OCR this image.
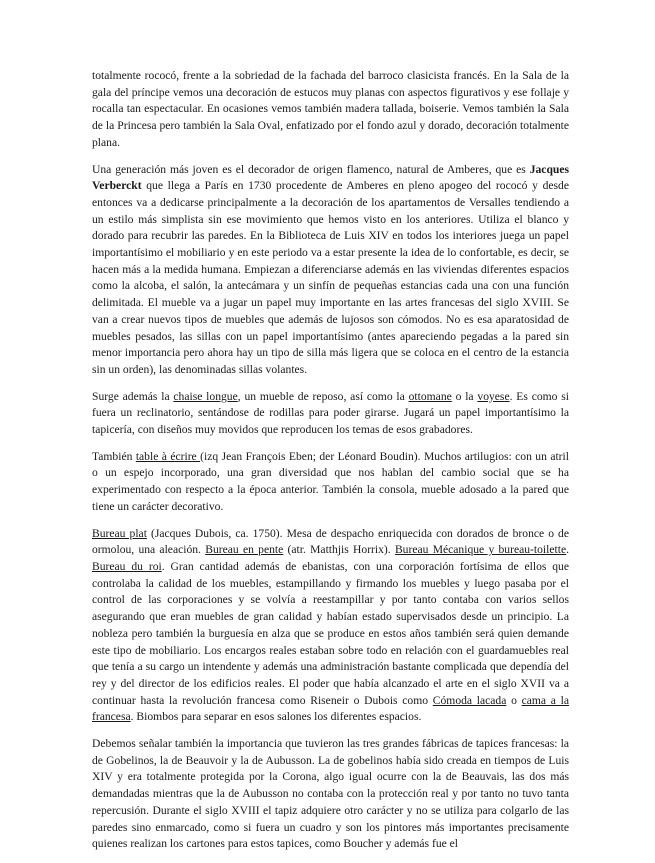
totalmente rococó, frente a la sobriedad de la fachada del barroco clasicista francés. En la Sala de la gala del príncipe vemos una decoración de estucos muy planas con aspectos figurativos y ese follaje y rocalla tan espectacular. En ocasiones vemos también madera tallada, boiserie. Vemos también la Sala de la Princesa pero también la Sala Oval, enfatizado por el fondo azul y dorado, decoración totalmente plana.

Una generación más joven es el decorador de origen flamenco, natural de Amberes, que es Jacques Verberckt que llega a París en 1730 procedente de Amberes en pleno apogeo del rococó y desde entonces va a dedicarse principalmente a la decoración de los apartamentos de Versalles tendiendo a un estilo más simplista sin ese movimiento que hemos visto en los anteriores. Utiliza el blanco y dorado para recubrir las paredes. En la Biblioteca de Luis XIV en todos los interiores juega un papel importantísimo el mobiliario y en este periodo va a estar presente la idea de lo confortable, es decir, se hacen más a la medida humana. Empiezan a diferenciarse además en las viviendas diferentes espacios como la alcoba, el salón, la antecámara y un sinfín de pequeñas estancias cada una con una función delimitada. El mueble va a jugar un papel muy importante en las artes francesas del siglo XVIII. Se van a crear nuevos tipos de muebles que además de lujosos son cómodos. No es esa aparatosidad de muebles pesados, las sillas con un papel importantísimo (antes apareciendo pegadas a la pared sin menor importancia pero ahora hay un tipo de silla más ligera que se coloca en el centro de la estancia sin un orden), las denominadas sillas volantes.

Surge además la chaise longue, un mueble de reposo, así como la ottomane o la voyese. Es como si fuera un reclinatorio, sentándose de rodillas para poder girarse. Jugará un papel importantísimo la tapicería, con diseños muy movidos que reproducen los temas de esos grabadores.

También table à écrire (izq Jean François Eben; der Léonard Boudin). Muchos artilugios: con un atril o un espejo incorporado, una gran diversidad que nos hablan del cambio social que se ha experimentado con respecto a la época anterior. También la consola, mueble adosado a la pared que tiene un carácter decorativo.

Bureau plat (Jacques Dubois, ca. 1750). Mesa de despacho enriquecida con dorados de bronce o de ormolou, una aleación. Bureau en pente (atr. Matthjis Horrix). Bureau Mécanique y bureau-toilette. Bureau du roi. Gran cantidad además de ebanistas, con una corporación fortísima de ellos que controlaba la calidad de los muebles, estampillando y firmando los muebles y luego pasaba por el control de las corporaciones y se volvía a reestampillar y por tanto contaba con varios sellos asegurando que eran muebles de gran calidad y habían estado supervisados desde un principio. La nobleza pero también la burguesía en alza que se produce en estos años también será quien demande este tipo de mobiliario. Los encargos reales estaban sobre todo en relación con el guardamuebles real que tenía a su cargo un intendente y además una administración bastante complicada que dependía del rey y del director de los edificios reales. El poder que había alcanzado el arte en el siglo XVII va a continuar hasta la revolución francesa como Riseneir o Dubois como Cómoda lacada o cama a la francesa. Biombos para separar en esos salones los diferentes espacios.

Debemos señalar también la importancia que tuvieron las tres grandes fábricas de tapices francesas: la de Gobelinos, la de Beauvoir y la de Aubusson. La de gobelinos había sido creada en tiempos de Luis XIV y era totalmente protegida por la Corona, algo igual ocurre con la de Beauvais, las dos más demandadas mientras que la de Aubusson no contaba con la protección real y por tanto no tuvo tanta repercusión. Durante el siglo XVIII el tapiz adquiere otro carácter y no se utiliza para colgarlo de las paredes sino enmarcado, como si fuera un cuadro y son los pintores más importantes precisamente quienes realizan los cartones para estos tapices, como Boucher y además fue el
